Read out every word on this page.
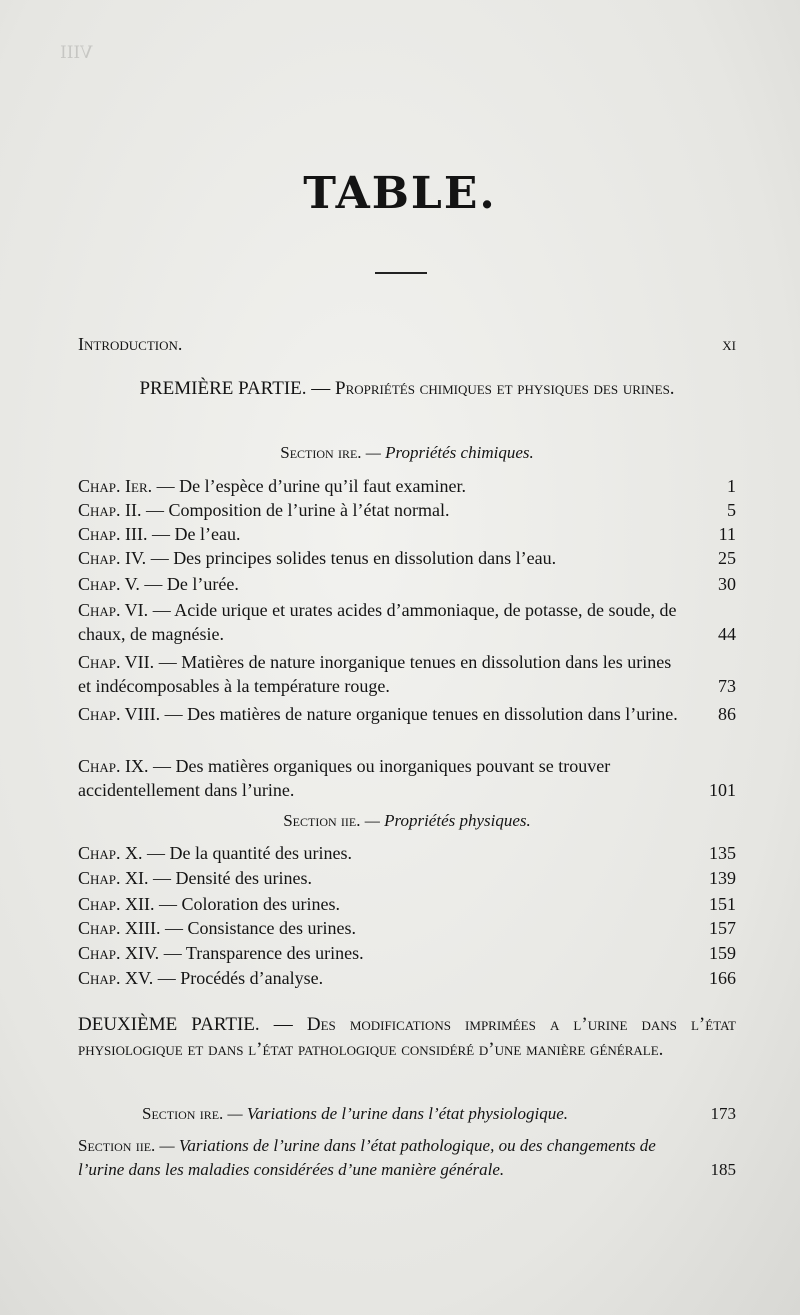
VIII

TABLE.
Introduction.	xi
PREMIÈRE PARTIE. — Propriétés chimiques et physiques des urines.
Section ire. — Propriétés chimiques.
Chap. Ier. — De l’espèce d’urine qu’il faut examiner.	1
Chap. II. — Composition de l’urine à l’état normal.	5
Chap. III. — De l’eau.	11
Chap. IV. — Des principes solides tenus en dissolution dans l’eau.	25
Chap. V. — De l’urée.	30
Chap. VI. — Acide urique et urates acides d’ammoniaque, de potasse, de soude, de chaux, de magnésie.	44
Chap. VII. — Matières de nature inorganique tenues en dissolution dans les urines et indécomposables à la température rouge.	73
Chap. VIII. — Des matières de nature organique tenues en dissolution dans l’urine.	86
Chap. IX. — Des matières organiques ou inorganiques pouvant se trouver accidentellement dans l’urine.	101
Section iie. — Propriétés physiques.
Chap. X. — De la quantité des urines.	135
Chap. XI. — Densité des urines.	139
Chap. XII. — Coloration des urines.	151
Chap. XIII. — Consistance des urines.	157
Chap. XIV. — Transparence des urines.	159
Chap. XV. — Procédés d’analyse.	166
DEUXIÈME PARTIE. — Des modifications imprimées a l’urine dans l’état physiologique et dans l’état pathologique considéré d’une manière générale.
Section ire. — Variations de l’urine dans l’état physiologique.	173
Section iie. — Variations de l’urine dans l’état pathologique, ou des changements de l’urine dans les maladies considérées d’une manière générale.	185
